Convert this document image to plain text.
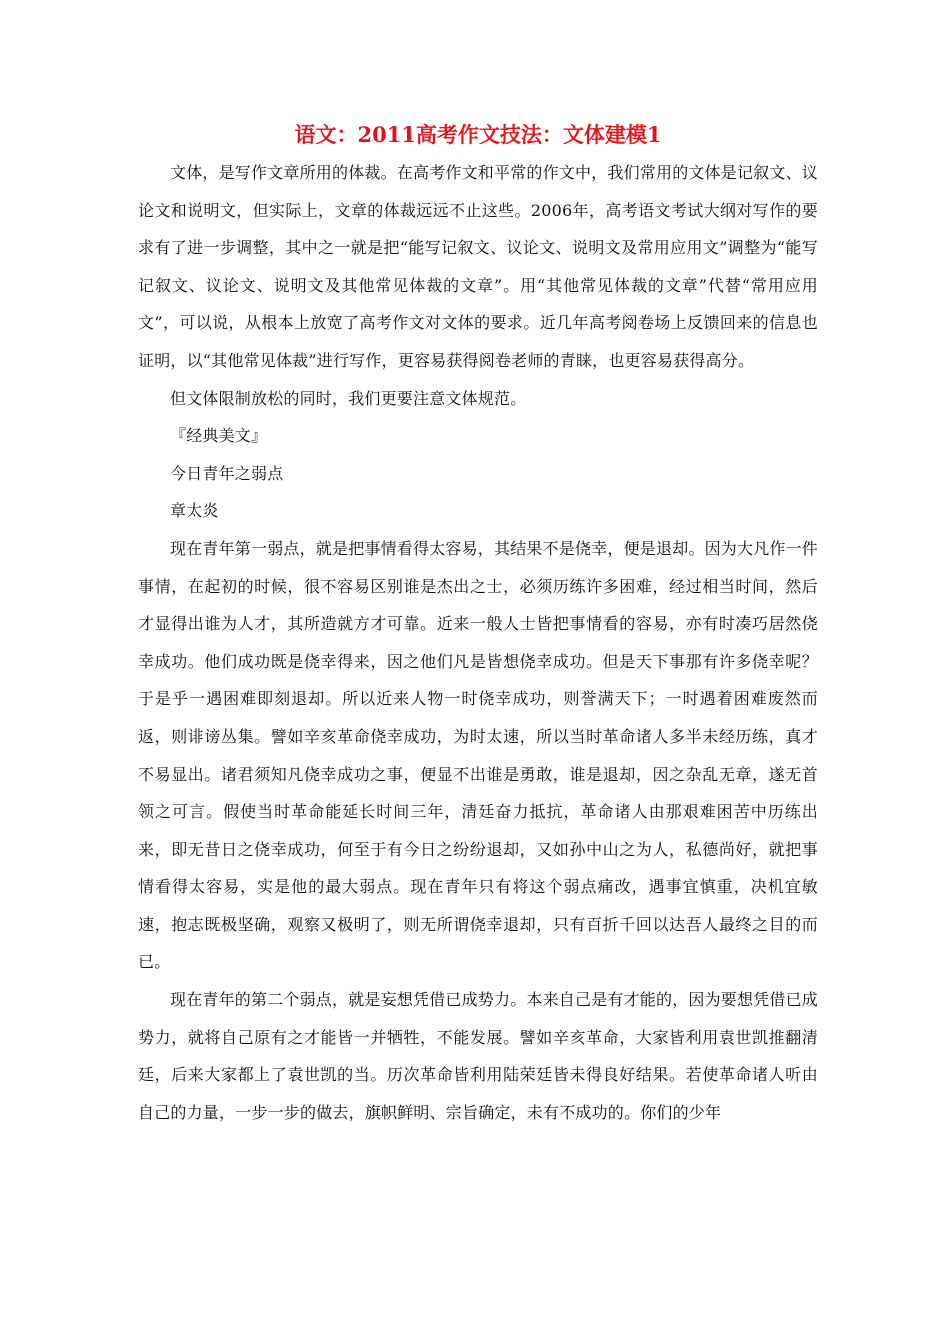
语文：2011高考作文技法：文体建模1

文体，是写作文章所用的体裁。在高考作文和平常的作文中，我们常用的文体是记叙文、议论文和说明文，但实际上，文章的体裁远远不止这些。2006年，高考语文考试大纲对写作的要求有了进一步调整，其中之一就是把“能写记叙文、议论文、说明文及常用应用文”调整为“能写记叙文、议论文、说明文及其他常见体裁的文章”。用“其他常见体裁的文章”代替“常用应用文”，可以说，从根本上放宽了高考作文对文体的要求。近几年高考阅卷场上反馈回来的信息也证明，以“其他常见体裁”进行写作，更容易获得阅卷老师的青睐，也更容易获得高分。

但文体限制放松的同时，我们更要注意文体规范。

『经典美文』

今日青年之弱点

章太炎

现在青年第一弱点，就是把事情看得太容易，其结果不是侥幸，便是退却。因为大凡作一件事情，在起初的时候，很不容易区别谁是杰出之士，必须历练许多困难，经过相当时间，然后才显得出谁为人才，其所造就方才可靠。近来一般人士皆把事情看的容易，亦有时凑巧居然侥幸成功。他们成功既是侥幸得来，因之他们凡是皆想侥幸成功。但是天下事那有许多侥幸呢？于是乎一遇困难即刻退却。所以近来人物一时侥幸成功，则誉满天下；一时遇着困难废然而返，则诽谤丛集。譬如辛亥革命侥幸成功，为时太速，所以当时革命诸人多半未经历练，真才不易显出。诸君须知凡侥幸成功之事，便显不出谁是勇敢，谁是退却，因之杂乱无章，遂无首领之可言。假使当时革命能延长时间三年，清廷奋力抵抗，革命诸人由那艰难困苦中历练出来，即无昔日之侥幸成功，何至于有今日之纷纷退却，又如孙中山之为人，私德尚好，就把事情看得太容易，实是他的最大弱点。现在青年只有将这个弱点痛改，遇事宜慎重，决机宜敏速，抱志既极坚确，观察又极明了，则无所谓侥幸退却，只有百折千回以达吾人最终之目的而已。

现在青年的第二个弱点，就是妄想凭借已成势力。本来自己是有才能的，因为要想凭借已成势力，就将自己原有之才能皆一并牺牲，不能发展。譬如辛亥革命，大家皆利用袁世凯推翻清廷，后来大家都上了袁世凯的当。历次革命皆利用陆荣廷皆未得良好结果。若使革命诸人听由自己的力量，一步一步的做去，旗帜鲜明、宗旨确定，未有不成功的。你们的少年
